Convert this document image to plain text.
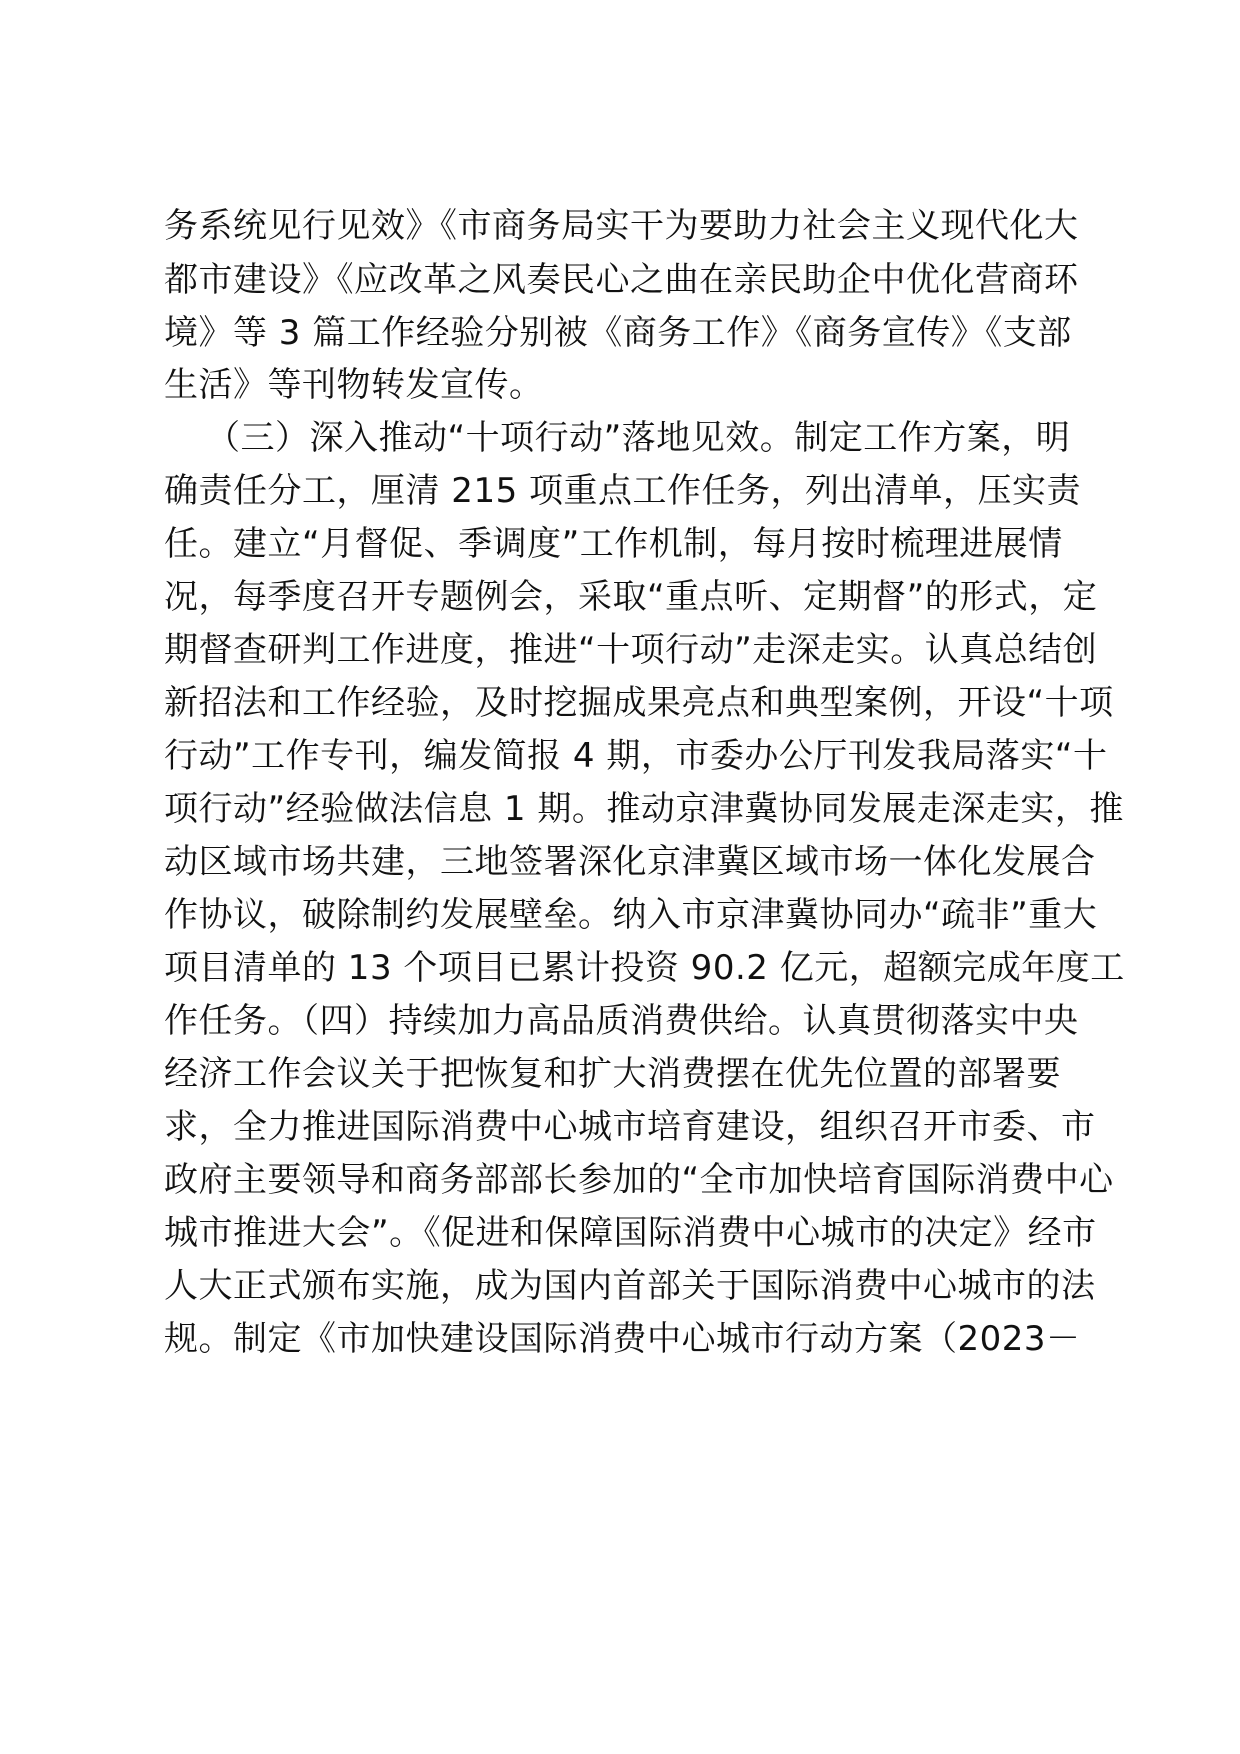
务系统见行见效》《市商务局实干为要助力社会主义现代化大
都市建设》《应改革之风奏民心之曲在亲民助企中优化营商环
境》等 3 篇工作经验分别被《商务工作》《商务宣传》《支部
生活》等刊物转发宣传。
（三）深入推动“十项行动”落地见效。制定工作方案，明
确责任分工，厘清 215 项重点工作任务，列出清单，压实责
任。建立“月督促、季调度”工作机制，每月按时梳理进展情
况，每季度召开专题例会，采取“重点听、定期督”的形式，定
期督查研判工作进度，推进“十项行动”走深走实。认真总结创
新招法和工作经验，及时挖掘成果亮点和典型案例，开设“十项
行动”工作专刊，编发简报 4 期，市委办公厅刊发我局落实“十
项行动”经验做法信息 1 期。推动京津冀协同发展走深走实，推
动区域市场共建，三地签署深化京津冀区域市场一体化发展合
作协议，破除制约发展壁垒。纳入市京津冀协同办“疏非”重大
项目清单的 13 个项目已累计投资 90.2 亿元，超额完成年度工
作任务。（四）持续加力高品质消费供给。认真贯彻落实中央
经济工作会议关于把恢复和扩大消费摆在优先位置的部署要
求，全力推进国际消费中心城市培育建设，组织召开市委、市
政府主要领导和商务部部长参加的“全市加快培育国际消费中心
城市推进大会”。《促进和保障国际消费中心城市的决定》经市
人大正式颁布实施，成为国内首部关于国际消费中心城市的法
规。制定《市加快建设国际消费中心城市行动方案（2023－
